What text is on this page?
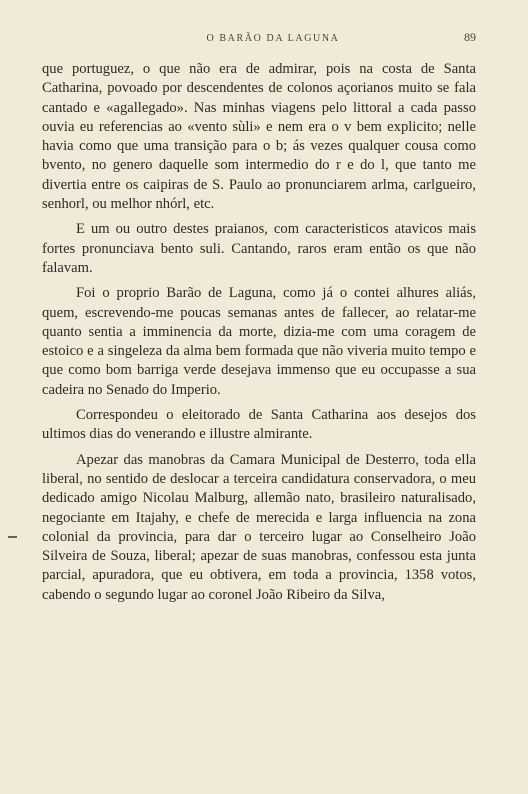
O BARÃO DA LAGUNA	89

que portuguez, o que não era de admirar, pois na costa de Santa Catharina, povoado por descendentes de colonos açorianos muito se fala cantado e «agallegado». Nas minhas viagens pelo littoral a cada passo ouvia eu referencias ao «vento sùli» e nem era o v bem explicito; nelle havia como que uma transição para o b; ás vezes qualquer cousa como bvento, no genero daquelle som intermedio do r e do l, que tanto me divertia entre os caipiras de S. Paulo ao pronunciarem arlma, carlgueiro, senhorl, ou melhor nhórl, etc.

E um ou outro destes praianos, com caracteristicos atavicos mais fortes pronunciava bento suli. Cantando, raros eram então os que não falavam.

Foi o proprio Barão de Laguna, como já o contei alhures aliás, quem, escrevendo-me poucas semanas antes de fallecer, ao relatar-me quanto sentia a imminencia da morte, dizia-me com uma coragem de estoico e a singeleza da alma bem formada que não viveria muito tempo e que como bom barriga verde desejava immenso que eu occupasse a sua cadeira no Senado do Imperio.

Correspondeu o eleitorado de Santa Catharina aos desejos dos ultimos dias do venerando e illustre almirante.

Apezar das manobras da Camara Municipal de Desterro, toda ella liberal, no sentido de deslocar a terceira candidatura conservadora, o meu dedicado amigo Nicolau Malburg, allemão nato, brasileiro naturalisado, negociante em Itajahy, e chefe de merecida e larga influencia na zona colonial da provincia, para dar o terceiro lugar ao Conselheiro João Silveira de Souza, liberal; apezar de suas manobras, confessou esta junta parcial, apuradora, que eu obtivera, em toda a provincia, 1358 votos, cabendo o segundo lugar ao coronel João Ribeiro da Silva,
